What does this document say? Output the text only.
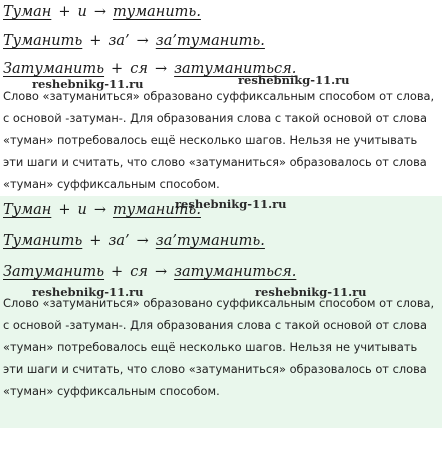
Туман + и → туманить.
Туманить + за’ → за’туманить.
Затуманить + ся → затуманиться.
reshebnikg-11.ru	reshebnikg-11.ru
Слово «затуманиться» образовано суффиксальным способом от слова, с основой -затуман-. Для образования слова с такой основой от слова «туман» потребовалось ещё несколько шагов. Нельзя не учитывать эти шаги и считать, что слово «затуманиться» образовалось от слова «туман» суффиксальным способом.
reshebnikg-11.ru
Туман + и → туманить.
Туманить + за’ → за’туманить.
Затуманить + ся → затуманиться.
Слово «затуманиться» образовано суффиксальным способом от слова, с основой -затуман-. Для образования слова с такой основой от слова «туман» потребовалось ещё несколько шагов. Нельзя не учитывать эти шаги и считать, что слово «затуманиться» образовалось от слова «туман» суффиксальным способом.
reshebnikg-11.ru	reshebnikg-11.ru
